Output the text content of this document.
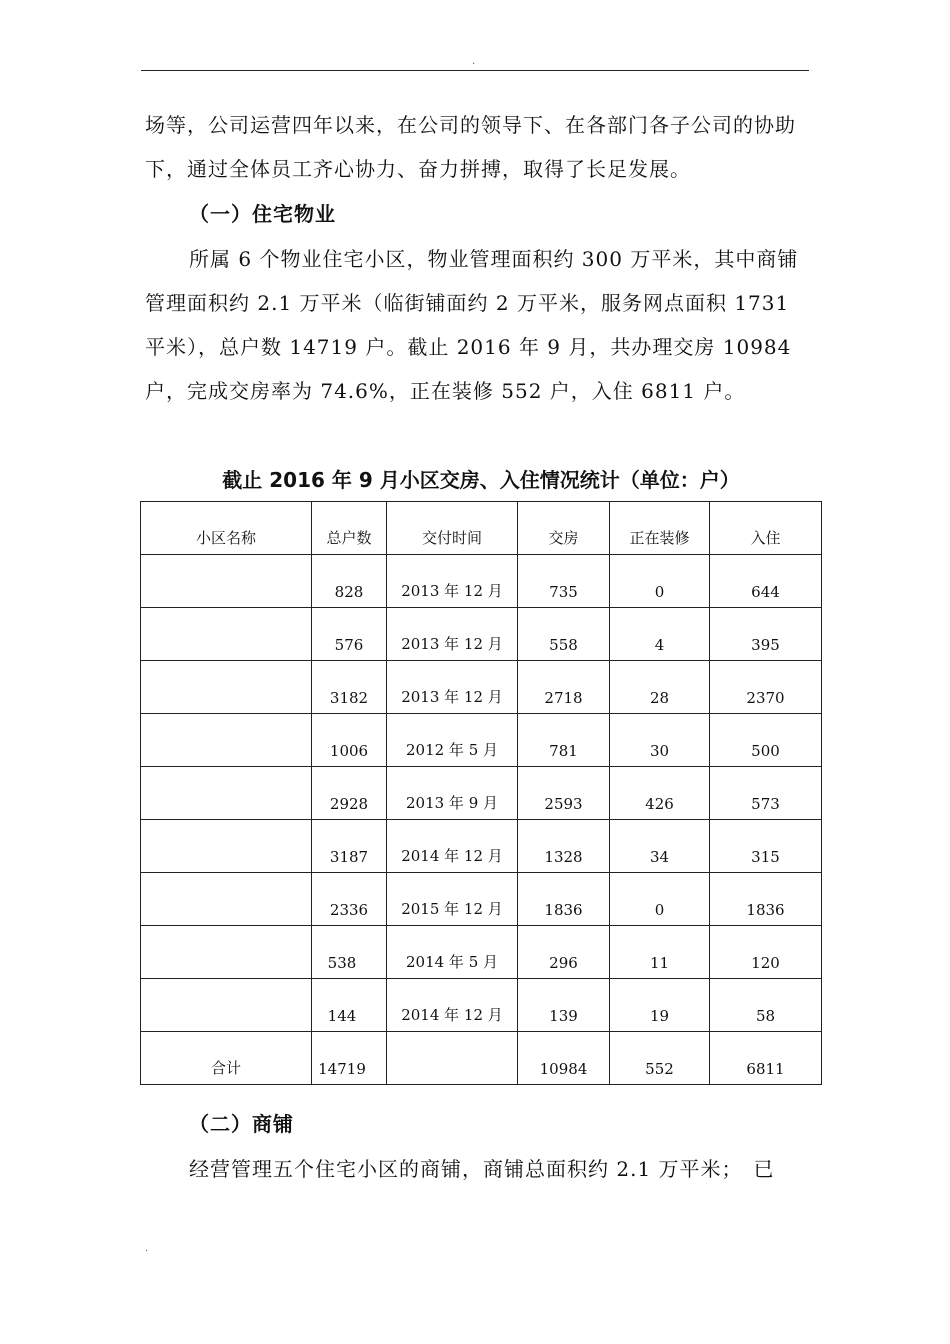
.

场等，公司运营四年以来，在公司的领导下、在各部门各子公司的协助下，通过全体员工齐心协力、奋力拼搏，取得了长足发展。

（一）住宅物业

所属 6 个物业住宅小区，物业管理面积约 300 万平米，其中商铺管理面积约 2.1 万平米（临街铺面约 2 万平米，服务网点面积 1731 平米），总户数 14719 户。截止 2016 年 9 月，共办理交房 10984 户，完成交房率为 74.6%，正在装修 552 户，入住 6811 户。

截止 2016 年 9 月小区交房、入住情况统计（单位：户）
小区名称	总户数	交付时间	交房	正在装修	入住
	828	2013 年 12 月	735	0	644
	576	2013 年 12 月	558	4	395
	3182	2013 年 12 月	2718	28	2370
	1006	2012 年 5 月	781	30	500
	2928	2013 年 9 月	2593	426	573
	3187	2014 年 12 月	1328	34	315
	2336	2015 年 12 月	1836	0	1836
	538	2014 年 5 月	296	11	120
	144	2014 年 12 月	139	19	58
合计	14719		10984	552	6811
（二）商铺

经营管理五个住宅小区的商铺，商铺总面积约 2.1 万平米；　已

.
